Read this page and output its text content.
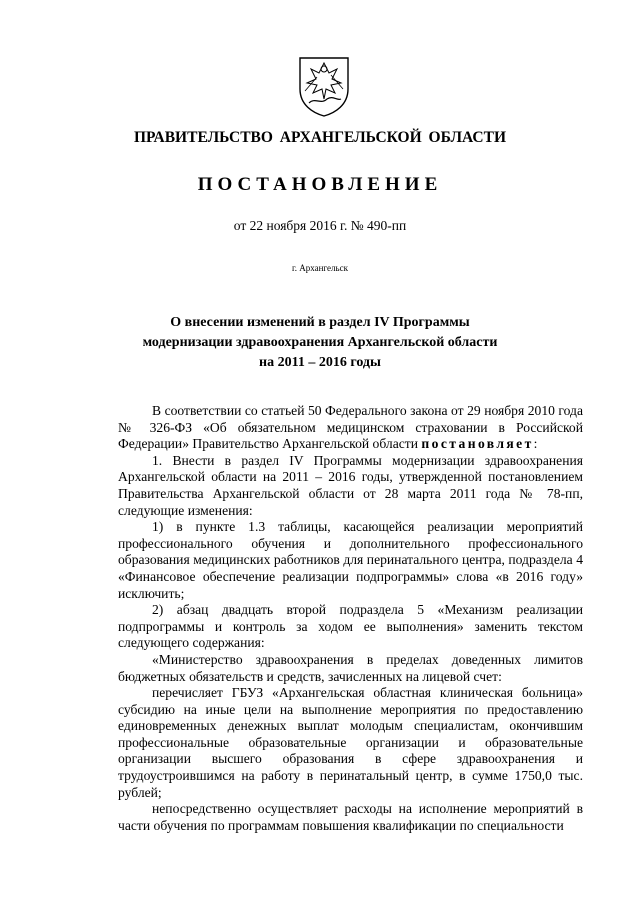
ПРАВИТЕЛЬСТВО АРХАНГЕЛЬСКОЙ ОБЛАСТИ
ПОСТАНОВЛЕНИЕ
от 22 ноября 2016 г. № 490-пп
г. Архангельск
О внесении изменений в раздел IV Программы
модернизации здравоохранения Архангельской области
на 2011 – 2016 годы

В соответствии со статьей 50 Федерального закона от 29 ноября 2010 года № 326-ФЗ «Об обязательном медицинском страховании в Российской Федерации» Правительство Архангельской области постановляет:

1. Внести в раздел IV Программы модернизации здравоохранения Архангельской области на 2011 – 2016 годы, утвержденной постановлением Правительства Архангельской области от 28 марта 2011 года № 78-пп, следующие изменения:

1) в пункте 1.3 таблицы, касающейся реализации мероприятий профессионального обучения и дополнительного профессионального образования медицинских работников для перинатального центра, подраздела 4 «Финансовое обеспечение реализации подпрограммы» слова «в 2016 году» исключить;

2) абзац двадцать второй подраздела 5 «Механизм реализации подпрограммы и контроль за ходом ее выполнения» заменить текстом следующего содержания:

«Министерство здравоохранения в пределах доведенных лимитов бюджетных обязательств и средств, зачисленных на лицевой счет:

перечисляет ГБУЗ «Архангельская областная клиническая больница» субсидию на иные цели на выполнение мероприятия по предоставлению единовременных денежных выплат молодым специалистам, окончившим профессиональные образовательные организации и образовательные организации высшего образования в сфере здравоохранения и трудоустроившимся на работу в перинатальный центр, в сумме 1750,0 тыс. рублей;

непосредственно осуществляет расходы на исполнение мероприятий в части обучения по программам повышения квалификации по специальности
